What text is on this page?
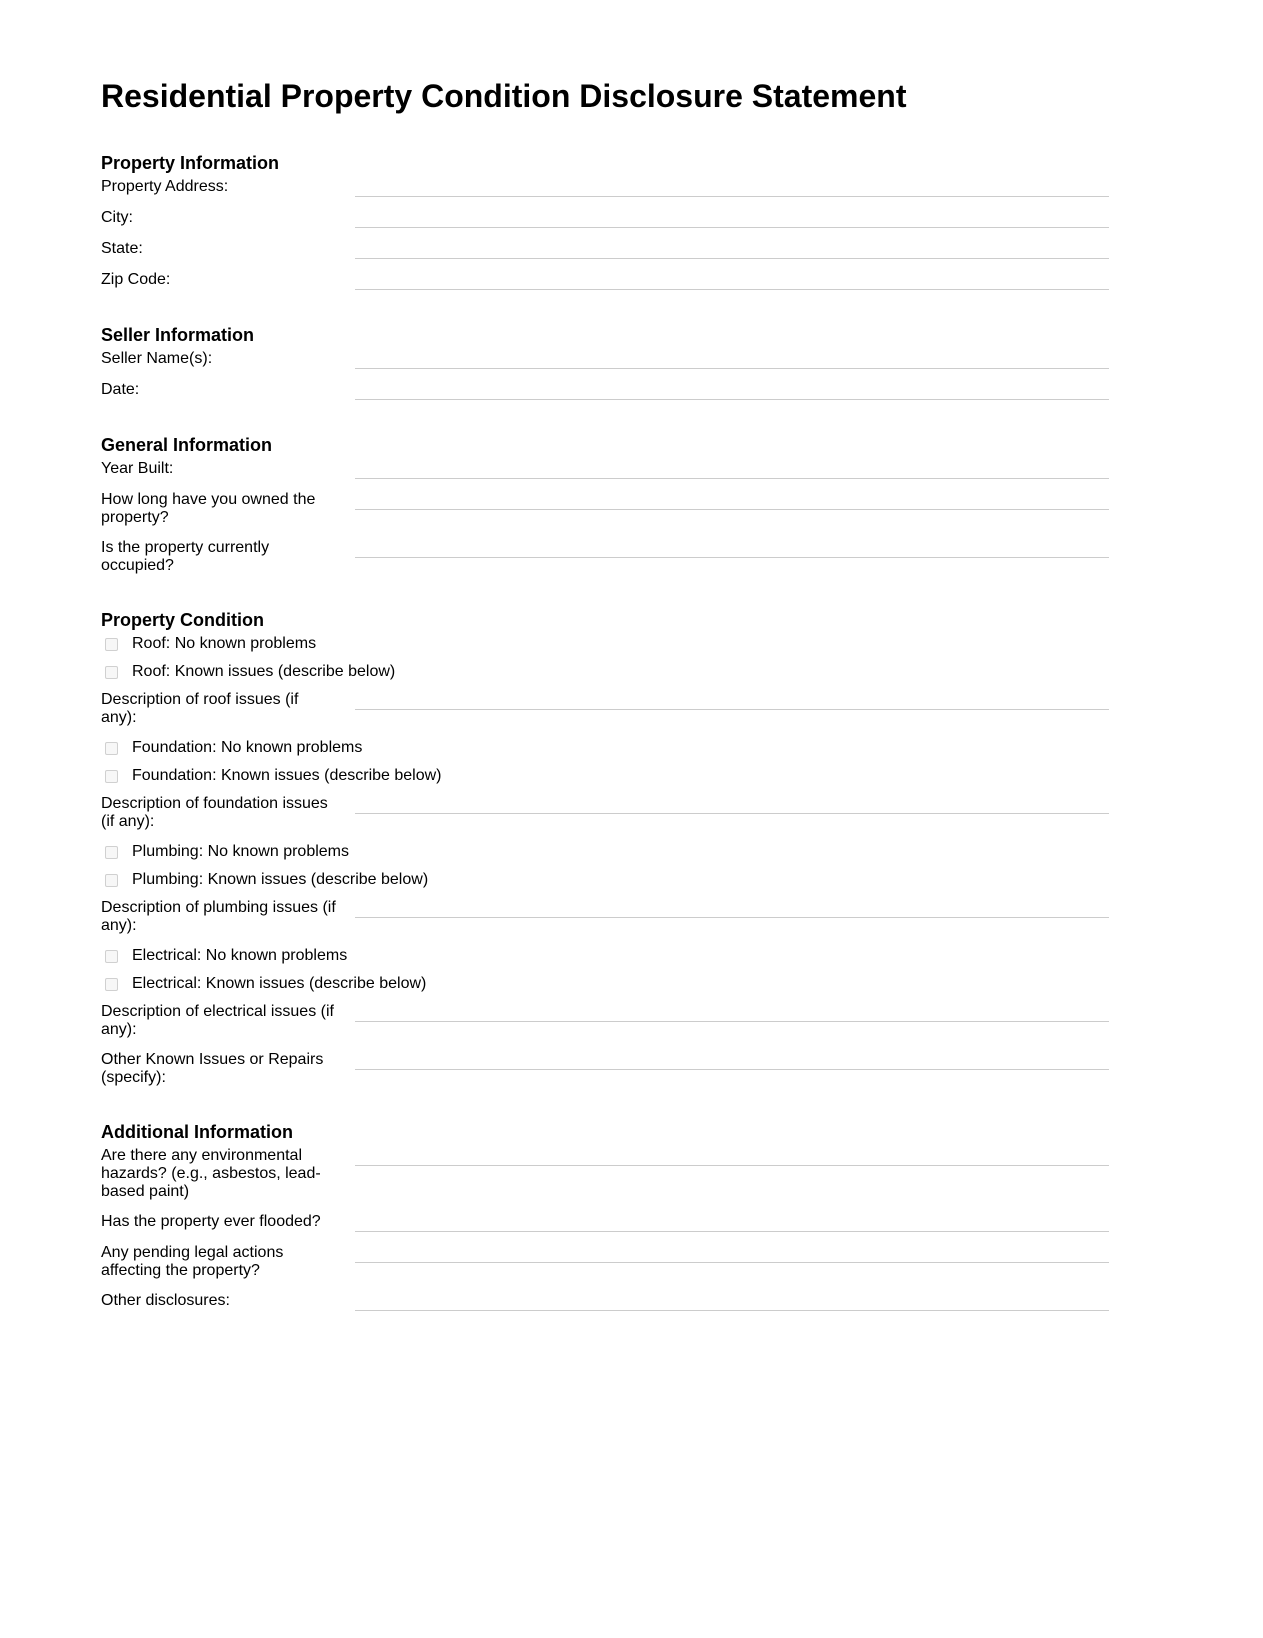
Residential Property Condition Disclosure Statement
Property Information
Property Address:
City:
State:
Zip Code:
Seller Information
Seller Name(s):
Date:
General Information
Year Built:
How long have you owned the property?
Is the property currently occupied?
Property Condition
Roof: No known problems
Roof: Known issues (describe below)
Description of roof issues (if any):
Foundation: No known problems
Foundation: Known issues (describe below)
Description of foundation issues (if any):
Plumbing: No known problems
Plumbing: Known issues (describe below)
Description of plumbing issues (if any):
Electrical: No known problems
Electrical: Known issues (describe below)
Description of electrical issues (if any):
Other Known Issues or Repairs (specify):
Additional Information
Are there any environmental hazards? (e.g., asbestos, lead-based paint)
Has the property ever flooded?
Any pending legal actions affecting the property?
Other disclosures:
